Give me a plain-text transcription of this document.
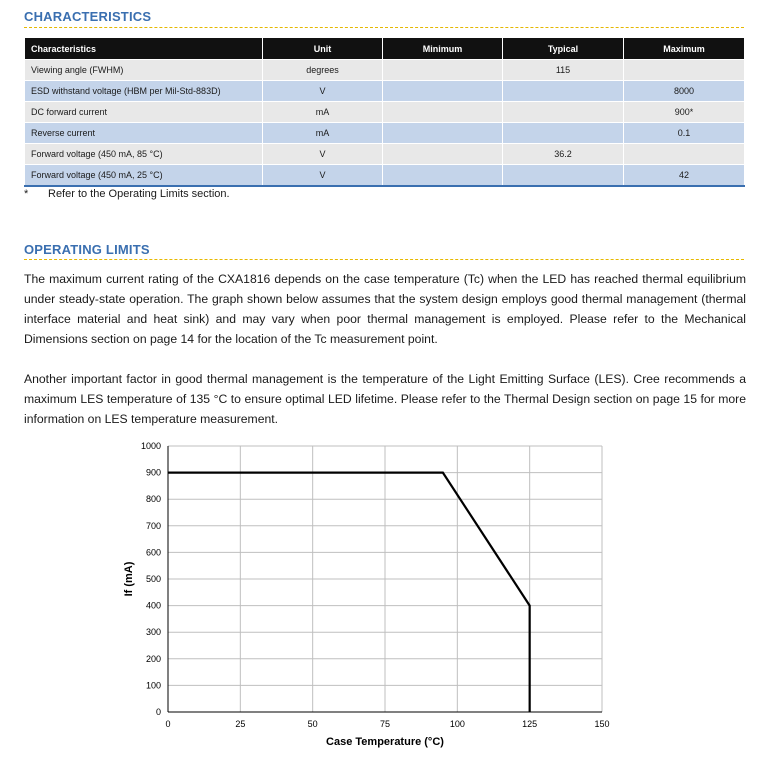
CHARACTERISTICS
Characteristics	Unit	Minimum	Typical	Maximum
Viewing angle (FWHM)	degrees		115	
ESD withstand voltage (HBM per Mil-Std-883D)	V			8000
DC forward current	mA			900*
Reverse current	mA			0.1
Forward voltage (450 mA, 85 °C)	V		36.2	
Forward voltage (450 mA, 25 °C)	V			42
* Refer to the Operating Limits section.
OPERATING LIMITS

The maximum current rating of the CXA1816 depends on the case temperature (Tc) when the LED has reached thermal equilibrium under steady-state operation. The graph shown below assumes that the system design employs good thermal management (thermal interface material and heat sink) and may vary when poor thermal management is employed. Please refer to the Mechanical Dimensions section on page 14 for the location of the Tc measurement point.

Another important factor in good thermal management is the temperature of the Light Emitting Surface (LES). Cree recommends a maximum LES temperature of 135 °C to ensure optimal LED lifetime. Please refer to the Thermal Design section on page 15 for more information on LES temperature measurement.

0
100
200
300
400
500
600
700
800
900
1000
0	25	50	75	100	125	150
Case Temperature (°C)
If (mA)
